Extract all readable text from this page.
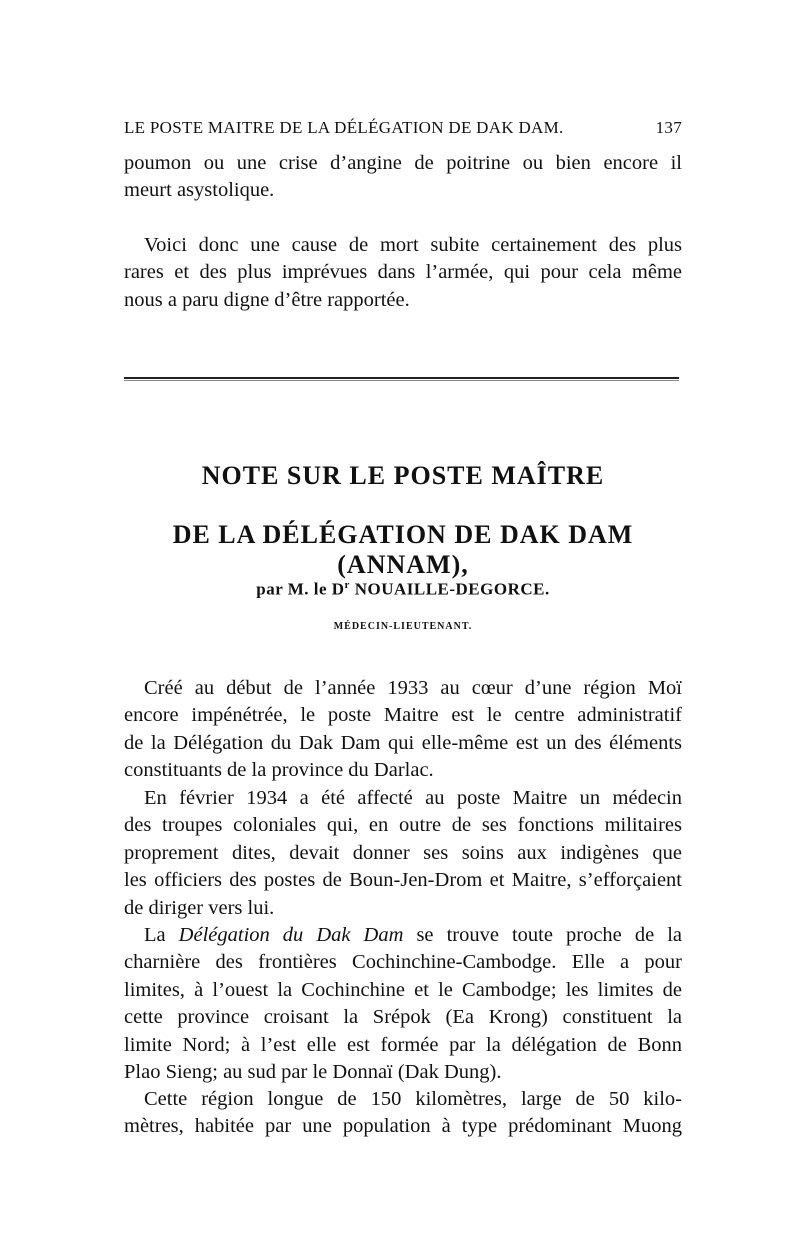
LE POSTE MAITRE DE LA DÉLÉGATION DE DAK DAM.	137

poumon ou une crise d’angine de poitrine ou bien encore il
meurt asystolique.

Voici donc une cause de mort subite certainement des plus
rares et des plus imprévues dans l’armée, qui pour cela même
nous a paru digne d’être rapportée.

NOTE SUR LE POSTE MAÎTRE
DE LA DÉLÉGATION DE DAK DAM (ANNAM),
par M. le $D^r$ NOUAILLE-DEGORCE.
MÉDECIN-LIEUTENANT.

Créé au début de l’année 1933 au cœur d’une région Moï
encore impénétrée, le poste Maitre est le centre administratif
de la Délégation du Dak Dam qui elle-même est un des éléments
constituants de la province du Darlac.

En février 1934 a été affecté au poste Maitre un médecin
des troupes coloniales qui, en outre de ses fonctions militaires
proprement dites, devait donner ses soins aux indigènes que
les officiers des postes de Boun-Jen-Drom et Maitre, s’efforçaient
de diriger vers lui.

La Délégation du Dak Dam se trouve toute proche de la
charnière des frontières Cochinchine-Cambodge. Elle a pour
limites, à l’ouest la Cochinchine et le Cambodge; les limites de
cette province croisant la Srépok (Ea Krong) constituent la
limite Nord; à l’est elle est formée par la délégation de Bonn
Plao Sieng; au sud par le Donnaï (Dak Dung).

Cette région longue de 150 kilomètres, large de 50 kilo-
mètres, habitée par une population à type prédominant Muong
